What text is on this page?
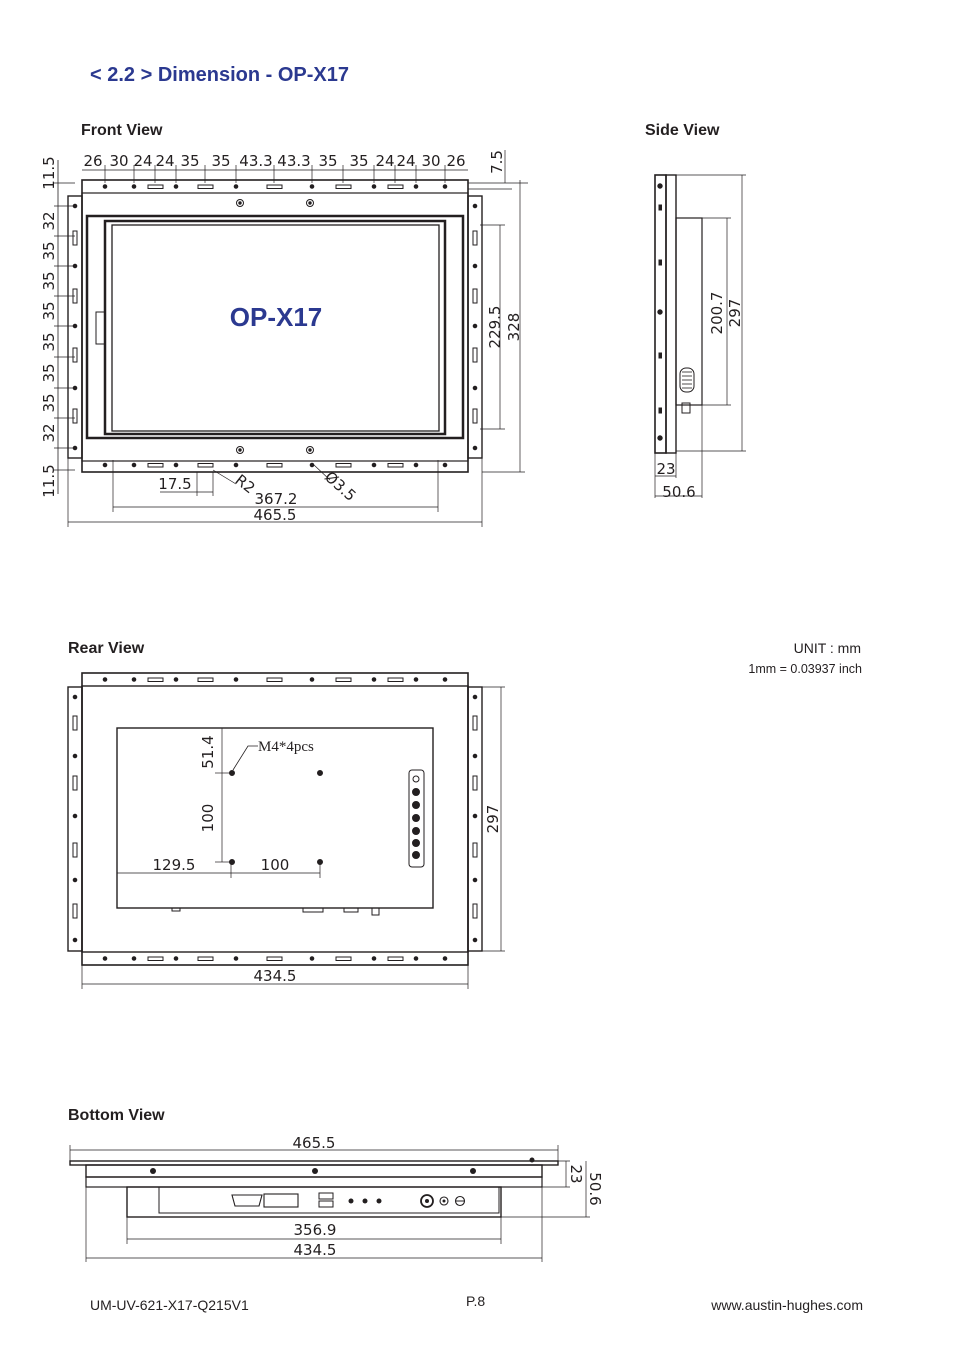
< 2.2 > Dimension - OP-X17
Front View	Side View
Rear View
Bottom View
UNIT : mm
1mm = 0.03937 inch
UM-UV-621-X17-Q215V1	P.8	www.austin-hughes.com
OP-X17
26 30 24 24 35 35 43.3 43.3 35 35 24 24 30 26 7.5
11.5
32
35
35
35
35
35
35
32
11.5
229.5 328
17.5	R2	Ø3.5
367.2
465.5
200.7 297
23
50.6
M4*4pcs
51.4
100
129.5	100
297
434.5
465.5
23 50.6
356.9
434.5
